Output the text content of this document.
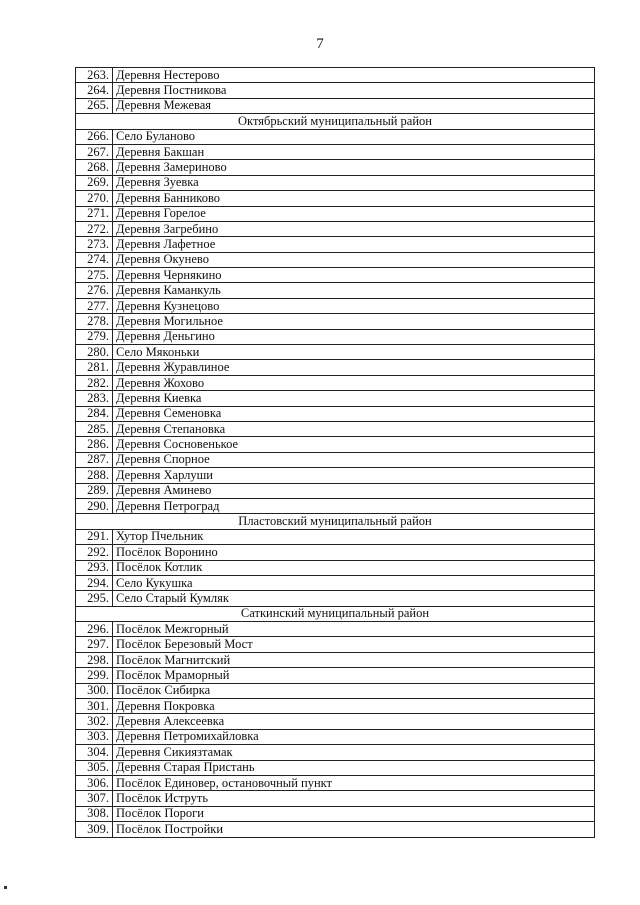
7
263.	Деревня Нестерово
264.	Деревня Постникова
265.	Деревня Межевая
Октябрьский муниципальный район	
266.	Село Буланово
267.	Деревня Бакшан
268.	Деревня Замериново
269.	Деревня Зуевка
270.	Деревня Банниково
271.	Деревня Горелое
272.	Деревня Загребино
273.	Деревня Лафетное
274.	Деревня Окунево
275.	Деревня Чернякино
276.	Деревня Каманкуль
277.	Деревня Кузнецово
278.	Деревня Могильное
279.	Деревня Деньгино
280.	Село Мяконьки
281.	Деревня Журавлиное
282.	Деревня Жохово
283.	Деревня Киевка
284.	Деревня Семеновка
285.	Деревня Степановка
286.	Деревня Сосновенькое
287.	Деревня Спорное
288.	Деревня Харлуши
289.	Деревня Аминево
290.	Деревня Петроград
Пластовский муниципальный район	
291.	Хутор Пчельник
292.	Посёлок Воронино
293.	Посёлок Котлик
294.	Село Кукушка
295.	Село Старый Кумляк
Саткинский муниципальный район	
296.	Посёлок Межгорный
297.	Посёлок Березовый Мост
298.	Посёлок Магнитский
299.	Посёлок Мраморный
300.	Посёлок Сибирка
301.	Деревня Покровка
302.	Деревня Алексеевка
303.	Деревня Петромихайловка
304.	Деревня Сикиязтамак
305.	Деревня Старая Пристань
306.	Посёлок Единовер, остановочный пункт
307.	Посёлок Иструть
308.	Посёлок Пороги
309.	Посёлок Постройки
